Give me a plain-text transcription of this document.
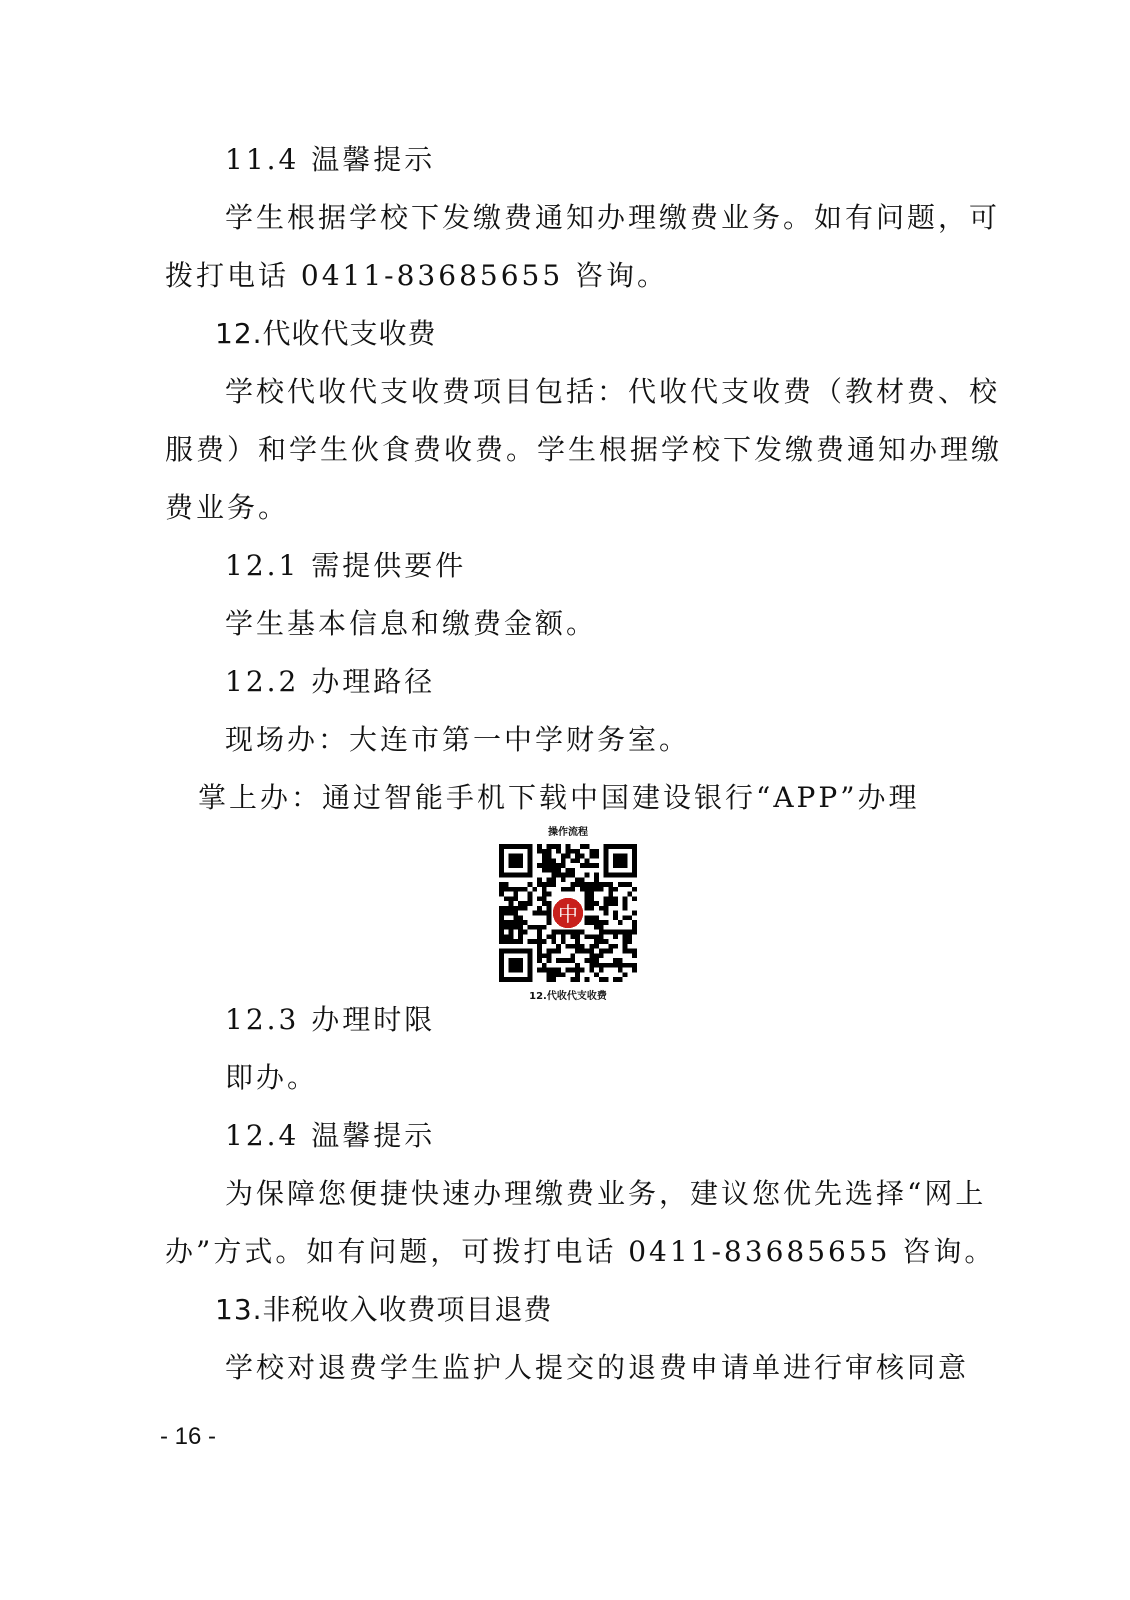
11.4 温馨提示
学生根据学校下发缴费通知办理缴费业务。如有问题，可
拨打电话 0411-83685655 咨询。
12.代收代支收费
学校代收代支收费项目包括：代收代支收费（教材费、校
服费）和学生伙食费收费。学生根据学校下发缴费通知办理缴
费业务。
12.1 需提供要件
学生基本信息和缴费金额。
12.2 办理路径
现场办：大连市第一中学财务室。
掌上办：通过智能手机下载中国建设银行“APP”办理
操作流程
中
12.代收代支收费
12.3 办理时限
即办。
12.4 温馨提示
为保障您便捷快速办理缴费业务，建议您优先选择“网上
办”方式。如有问题，可拨打电话 0411-83685655 咨询。
13.非税收入收费项目退费
学校对退费学生监护人提交的退费申请单进行审核同意
- 16 -
